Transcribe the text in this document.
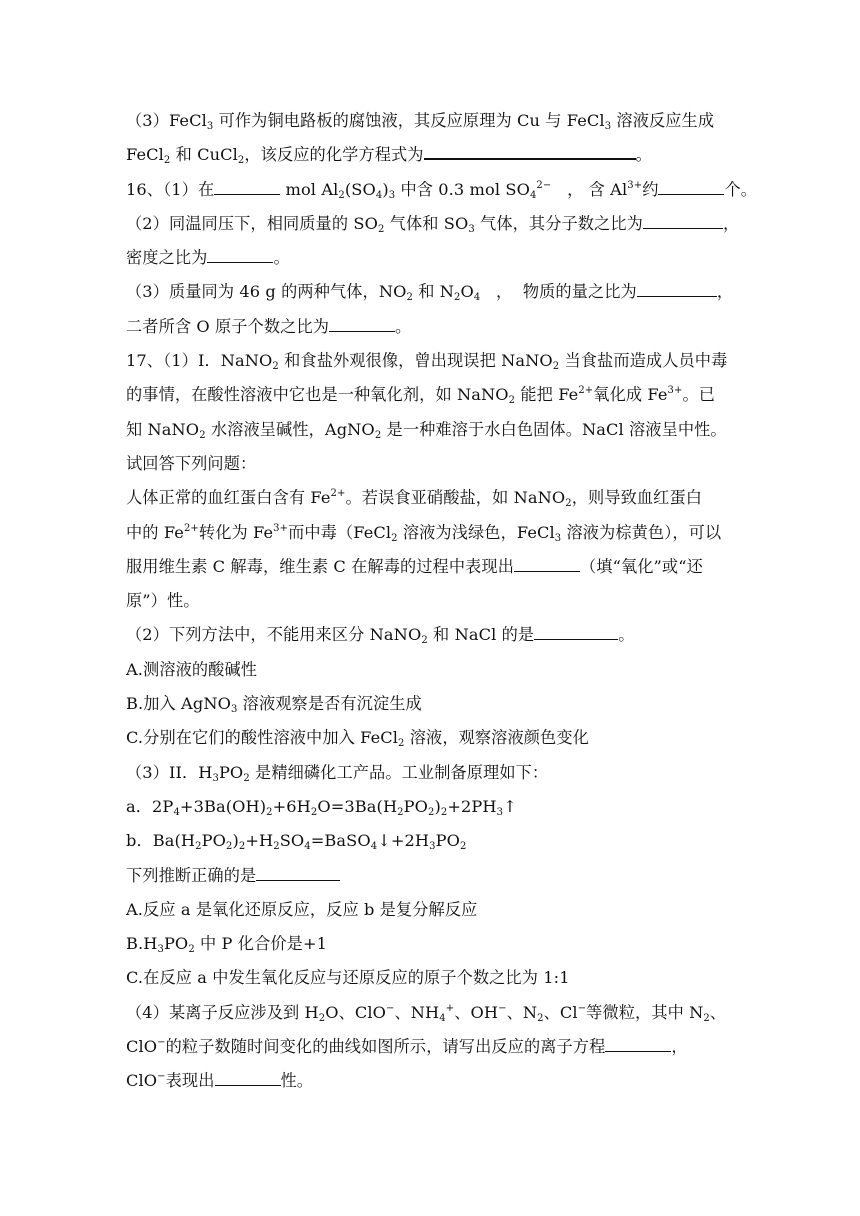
（3）FeCl$_3$ 可作为铜电路板的腐蚀液，其反应原理为 Cu 与 FeCl$_3$ 溶液反应生成
FeCl$_2$ 和 CuCl$_2$，该反应的化学方程式为	。
16、（1）在	mol $Al_2(SO_4)_3$ 中含 0.3 mol $SO_4^{2-}$   ， 含 $Al^{3+}$约	个。
（2）同温同压下，相同质量的 $SO_2$ 气体和 $SO_3$ 气体，其分子数之比为	，
密度之比为	。
（3）质量同为 46 g 的两种气体，$NO_2$ 和 $N_2O_4$   ，  物质的量之比为	，
二者所含 O 原子个数之比为	。
17、（1）I．NaNO$_2$ 和食盐外观很像，曾出现误把 NaNO$_2$ 当食盐而造成人员中毒
的事情，在酸性溶液中它也是一种氧化剂，如 NaNO$_2$ 能把 $Fe^{2+}$氧化成 $Fe^{3+}$。已
知 NaNO$_2$ 水溶液呈碱性，AgNO$_2$ 是一种难溶于水白色固体。NaCl 溶液呈中性。
试回答下列问题：
人体正常的血红蛋白含有 $Fe^{2+}$。若误食亚硝酸盐，如 NaNO$_2$，则导致血红蛋白
中的 $Fe^{2+}$转化为 $Fe^{3+}$而中毒（FeCl$_2$ 溶液为浅绿色，FeCl$_3$ 溶液为棕黄色），可以
服用维生素 C 解毒，维生素 C 在解毒的过程中表现出	（填“氧化”或“还
原”）性。
（2）下列方法中，不能用来区分 NaNO$_2$ 和 NaCl 的是	。
A.测溶液的酸碱性
B.加入 AgNO$_3$ 溶液观察是否有沉淀生成
C.分别在它们的酸性溶液中加入 FeCl$_2$ 溶液，观察溶液颜色变化
（3）II．$H_3PO_2$ 是精细磷化工产品。工业制备原理如下：
a．$2P_4+3Ba(OH)_2+6H_2O=3Ba(H_2PO_2)_2+2PH_3↑$
b．$Ba(H_2PO_2)_2+H_2SO_4=BaSO_4↓+2H_3PO_2$
下列推断正确的是
A.反应 a 是氧化还原反应，反应 b 是复分解反应
$B.H_3PO_2$ 中 P 化合价是+1
C.在反应 a 中发生氧化反应与还原反应的原子个数之比为 1:1
（4）某离子反应涉及到 $H_2O$、ClO−、$NH_4^+$、OH−、$N_2$、Cl−等微粒，其中 $N_2$、
ClO−的粒子数随时间变化的曲线如图所示，请写出反应的离子方程	，
ClO−表现出	性。
